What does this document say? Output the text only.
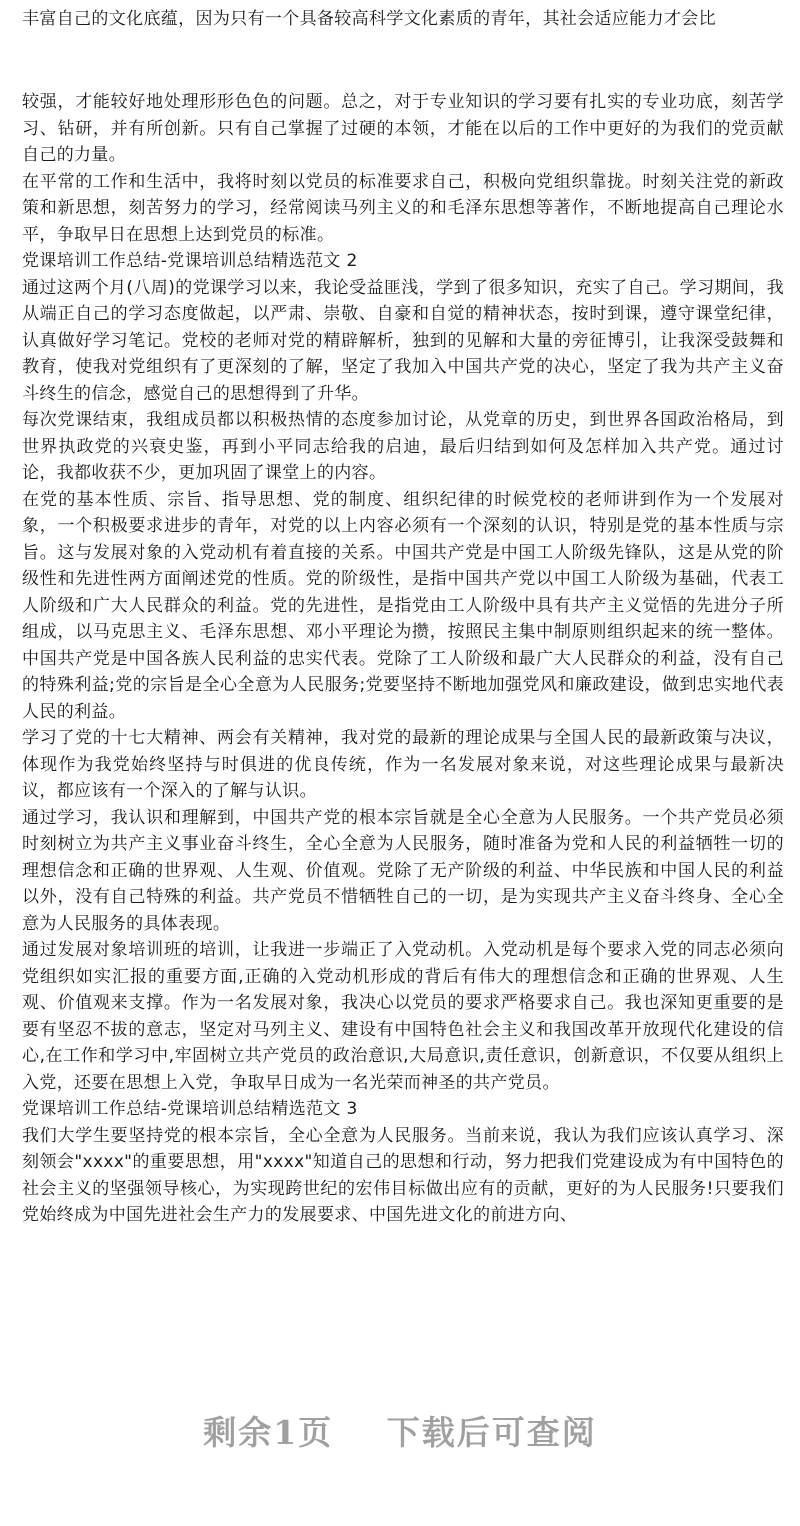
丰富自己的文化底蕴，因为只有一个具备较高科学文化素质的青年，其社会适应能力才会比

较强，才能较好地处理形形色色的问题。总之，对于专业知识的学习要有扎实的专业功底，刻苦学习、钻研，并有所创新。只有自己掌握了过硬的本领，才能在以后的工作中更好的为我们的党贡献自己的力量。

在平常的工作和生活中，我将时刻以党员的标准要求自己，积极向党组织靠拢。时刻关注党的新政策和新思想，刻苦努力的学习，经常阅读马列主义的和毛泽东思想等著作，不断地提高自己理论水平，争取早日在思想上达到党员的标准。

党课培训工作总结-党课培训总结精选范文 2

通过这两个月(八周)的党课学习以来，我论受益匪浅，学到了很多知识，充实了自己。学习期间，我从端正自己的学习态度做起，以严肃、崇敬、自豪和自觉的精神状态，按时到课，遵守课堂纪律，认真做好学习笔记。党校的老师对党的精辟解析，独到的见解和大量的旁征博引，让我深受鼓舞和教育，使我对党组织有了更深刻的了解，坚定了我加入中国共产党的决心，坚定了我为共产主义奋斗终生的信念，感觉自己的思想得到了升华。

每次党课结束，我组成员都以积极热情的态度参加讨论，从党章的历史，到世界各国政治格局，到世界执政党的兴衰史鉴，再到小平同志给我的启迪，最后归结到如何及怎样加入共产党。通过讨论，我都收获不少，更加巩固了课堂上的内容。

在党的基本性质、宗旨、指导思想、党的制度、组织纪律的时候党校的老师讲到作为一个发展对象，一个积极要求进步的青年，对党的以上内容必须有一个深刻的认识，特别是党的基本性质与宗旨。这与发展对象的入党动机有着直接的关系。中国共产党是中国工人阶级先锋队，这是从党的阶级性和先进性两方面阐述党的性质。党的阶级性，是指中国共产党以中国工人阶级为基础，代表工人阶级和广大人民群众的利益。党的先进性，是指党由工人阶级中具有共产主义觉悟的先进分子所组成，以马克思主义、毛泽东思想、邓小平理论为攒，按照民主集中制原则组织起来的统一整体。中国共产党是中国各族人民利益的忠实代表。党除了工人阶级和最广大人民群众的利益，没有自己的特殊利益;党的宗旨是全心全意为人民服务;党要坚持不断地加强党风和廉政建设，做到忠实地代表人民的利益。

学习了党的十七大精神、两会有关精神，我对党的最新的理论成果与全国人民的最新政策与决议，体现作为我党始终坚持与时俱进的优良传统，作为一名发展对象来说，对这些理论成果与最新决议，都应该有一个深入的了解与认识。

通过学习，我认识和理解到，中国共产党的根本宗旨就是全心全意为人民服务。一个共产党员必须时刻树立为共产主义事业奋斗终生，全心全意为人民服务，随时准备为党和人民的利益牺牲一切的理想信念和正确的世界观、人生观、价值观。党除了无产阶级的利益、中华民族和中国人民的利益以外，没有自己特殊的利益。共产党员不惜牺牲自己的一切，是为实现共产主义奋斗终身、全心全意为人民服务的具体表现。

通过发展对象培训班的培训，让我进一步端正了入党动机。入党动机是每个要求入党的同志必须向党组织如实汇报的重要方面,正确的入党动机形成的背后有伟大的理想信念和正确的世界观、人生观、价值观来支撑。作为一名发展对象，我决心以党员的要求严格要求自己。我也深知更重要的是要有坚忍不拔的意志，坚定对马列主义、建设有中国特色社会主义和我国改革开放现代化建设的信心,在工作和学习中,牢固树立共产党员的政治意识,大局意识,责任意识，创新意识，不仅要从组织上入党，还要在思想上入党，争取早日成为一名光荣而神圣的共产党员。

党课培训工作总结-党课培训总结精选范文 3

我们大学生要坚持党的根本宗旨，全心全意为人民服务。当前来说，我认为我们应该认真学习、深刻领会"xxxx"的重要思想，用"xxxx"知道自己的思想和行动，努力把我们党建设成为有中国特色的社会主义的坚强领导核心，为实现跨世纪的宏伟目标做出应有的贡献，更好的为人民服务!只要我们党始终成为中国先进社会生产力的发展要求、中国先进文化的前进方向、

剩余1页 下载后可查阅
